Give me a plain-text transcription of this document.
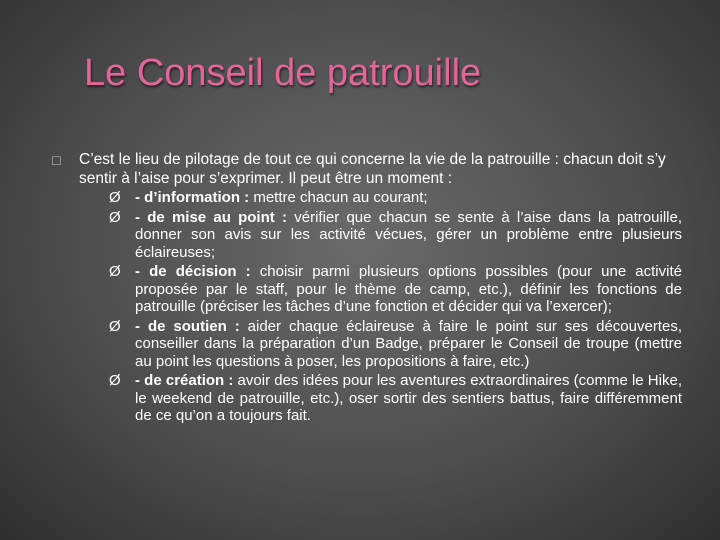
Le Conseil de patrouille
□ C’est le lieu de pilotage de tout ce qui concerne la vie de la patrouille : chacun doit s’y sentir à l’aise pour s’exprimer. Il peut être un moment :
Ø - d’information : mettre chacun au courant;
Ø - de mise au point : vérifier que chacun se sente à l’aise dans la patrouille, donner son avis sur les activité vécues, gérer un problème entre plusieurs éclaireuses;
Ø - de décision : choisir parmi plusieurs options possibles (pour une activité proposée par le staff, pour le thème de camp, etc.), définir les fonctions de patrouille (préciser les tâches d’une fonction et décider qui va l’exercer);
Ø - de soutien : aider chaque éclaireuse à faire le point sur ses découvertes, conseiller dans la préparation d’un Badge, préparer le Conseil de troupe (mettre au point les questions à poser, les propositions à faire, etc.)
Ø - de création : avoir des idées pour les aventures extraordinaires (comme le Hike, le weekend de patrouille, etc.), oser sortir des sentiers battus, faire différemment de ce qu’on a toujours fait.
